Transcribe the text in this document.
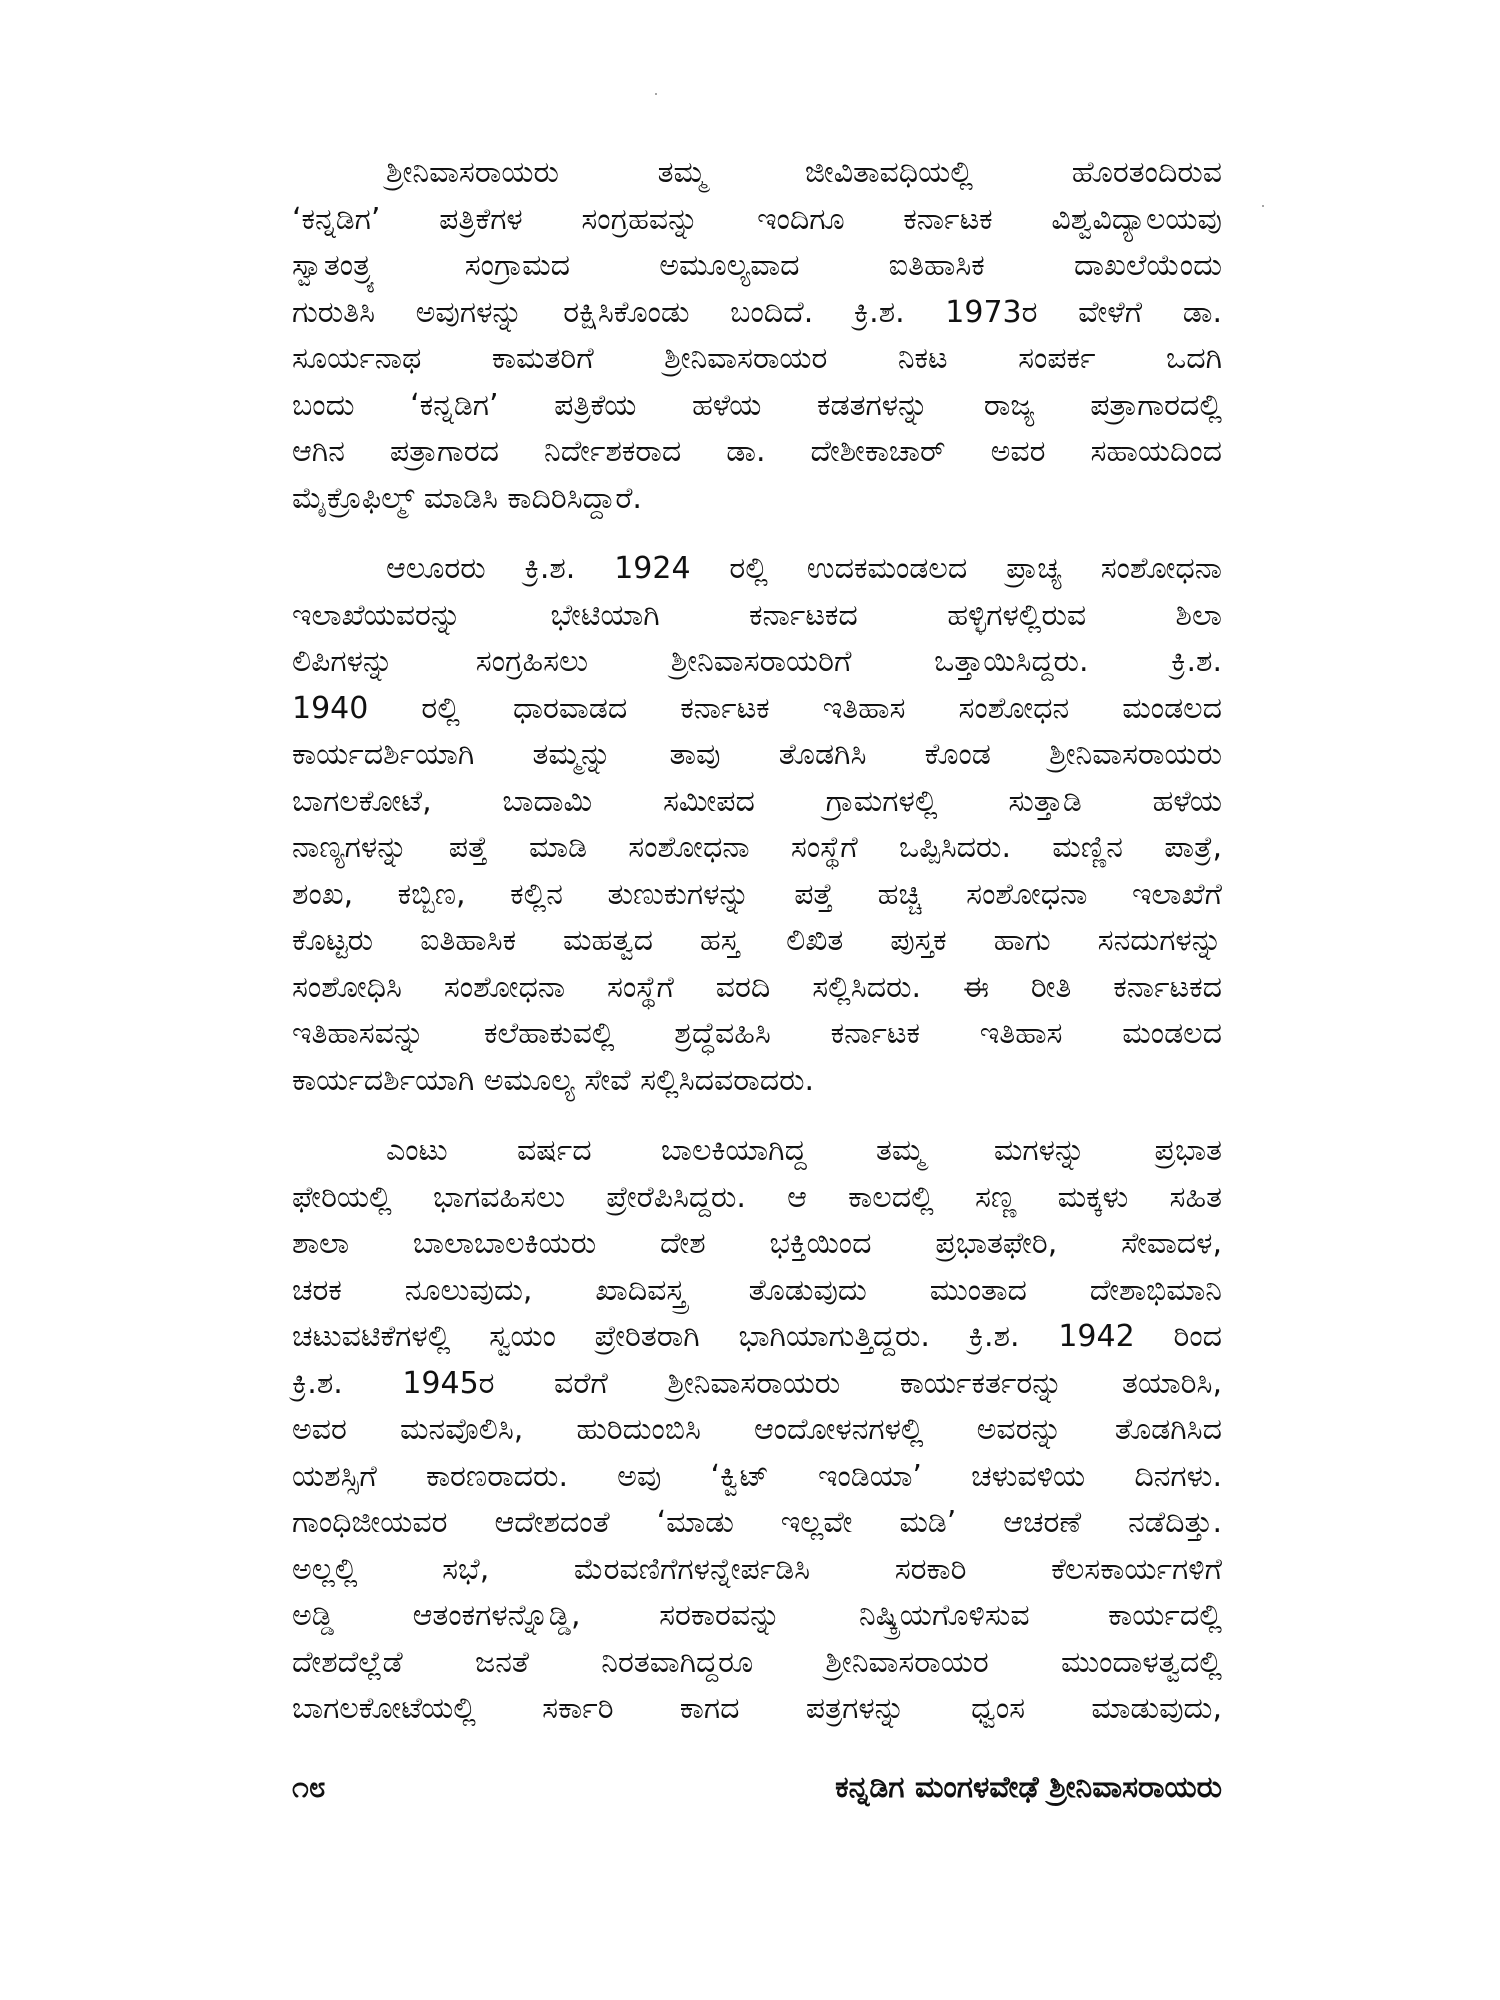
ಶ್ರೀನಿವಾಸರಾಯರು ತಮ್ಮ ಜೀವಿತಾವಧಿಯಲ್ಲಿ ಹೊರತಂದಿರುವ
‘ಕನ್ನಡಿಗ’ ಪತ್ರಿಕೆಗಳ ಸಂಗ್ರಹವನ್ನು ಇಂದಿಗೂ ಕರ್ನಾಟಕ ವಿಶ್ವವಿದ್ಯಾಲಯವು
ಸ್ವಾತಂತ್ರ್ಯ ಸಂಗ್ರಾಮದ ಅಮೂಲ್ಯವಾದ ಐತಿಹಾಸಿಕ ದಾಖಲೆಯೆಂದು
ಗುರುತಿಸಿ ಅವುಗಳನ್ನು ರಕ್ಷಿಸಿಕೊಂಡು ಬಂದಿದೆ. ಕ್ರಿ.ಶ. 1973ರ ವೇಳೆಗೆ ಡಾ.
ಸೂರ್ಯನಾಥ ಕಾಮತರಿಗೆ ಶ್ರೀನಿವಾಸರಾಯರ ನಿಕಟ ಸಂಪರ್ಕ ಒದಗಿ
ಬಂದು ‘ಕನ್ನಡಿಗ’ ಪತ್ರಿಕೆಯ ಹಳೆಯ ಕಡತಗಳನ್ನು ರಾಜ್ಯ ಪತ್ರಾಗಾರದಲ್ಲಿ
ಆಗಿನ ಪತ್ರಾಗಾರದ ನಿರ್ದೇಶಕರಾದ ಡಾ. ದೇಶೀಕಾಚಾರ್ ಅವರ ಸಹಾಯದಿಂದ
ಮೈಕ್ರೊಫಿಲ್ಮ್ ಮಾಡಿಸಿ ಕಾದಿರಿಸಿದ್ದಾರೆ.
ಆಲೂರರು ಕ್ರಿ.ಶ. 1924 ರಲ್ಲಿ ಉದಕಮಂಡಲದ ಪ್ರಾಚ್ಯ ಸಂಶೋಧನಾ
ಇಲಾಖೆಯವರನ್ನು ಭೇಟಿಯಾಗಿ ಕರ್ನಾಟಕದ ಹಳ್ಳಿಗಳಲ್ಲಿರುವ ಶಿಲಾ
ಲಿಪಿಗಳನ್ನು ಸಂಗ್ರಹಿಸಲು ಶ್ರೀನಿವಾಸರಾಯರಿಗೆ ಒತ್ತಾಯಿಸಿದ್ದರು. ಕ್ರಿ.ಶ.
1940 ರಲ್ಲಿ ಧಾರವಾಡದ ಕರ್ನಾಟಕ ಇತಿಹಾಸ ಸಂಶೋಧನ ಮಂಡಲದ
ಕಾರ್ಯದರ್ಶಿಯಾಗಿ ತಮ್ಮನ್ನು ತಾವು ತೊಡಗಿಸಿ ಕೊಂಡ ಶ್ರೀನಿವಾಸರಾಯರು
ಬಾಗಲಕೋಟೆ, ಬಾದಾಮಿ ಸಮೀಪದ ಗ್ರಾಮಗಳಲ್ಲಿ ಸುತ್ತಾಡಿ ಹಳೆಯ
ನಾಣ್ಯಗಳನ್ನು ಪತ್ತೆ ಮಾಡಿ ಸಂಶೋಧನಾ ಸಂಸ್ಥೆಗೆ ಒಪ್ಪಿಸಿದರು. ಮಣ್ಣಿನ ಪಾತ್ರೆ,
ಶಂಖ, ಕಬ್ಬಿಣ, ಕಲ್ಲಿನ ತುಣುಕುಗಳನ್ನು ಪತ್ತೆ ಹಚ್ಚಿ ಸಂಶೋಧನಾ ಇಲಾಖೆಗೆ
ಕೊಟ್ಟರು ಐತಿಹಾಸಿಕ ಮಹತ್ವದ ಹಸ್ತ ಲಿಖಿತ ಪುಸ್ತಕ ಹಾಗು ಸನದುಗಳನ್ನು
ಸಂಶೋಧಿಸಿ ಸಂಶೋಧನಾ ಸಂಸ್ಥೆಗೆ ವರದಿ ಸಲ್ಲಿಸಿದರು. ಈ ರೀತಿ ಕರ್ನಾಟಕದ
ಇತಿಹಾಸವನ್ನು ಕಲೆಹಾಕುವಲ್ಲಿ ಶ್ರದ್ಧೆವಹಿಸಿ ಕರ್ನಾಟಕ ಇತಿಹಾಸ ಮಂಡಲದ
ಕಾರ್ಯದರ್ಶಿಯಾಗಿ ಅಮೂಲ್ಯ ಸೇವೆ ಸಲ್ಲಿಸಿದವರಾದರು.
ಎಂಟು ವರ್ಷದ ಬಾಲಕಿಯಾಗಿದ್ದ ತಮ್ಮ ಮಗಳನ್ನು ಪ್ರಭಾತ
ಫೇರಿಯಲ್ಲಿ ಭಾಗವಹಿಸಲು ಪ್ರೇರೆಪಿಸಿದ್ದರು. ಆ ಕಾಲದಲ್ಲಿ ಸಣ್ಣ ಮಕ್ಕಳು ಸಹಿತ
ಶಾಲಾ ಬಾಲಾಬಾಲಕಿಯರು ದೇಶ ಭಕ್ತಿಯಿಂದ ಪ್ರಭಾತಫೇರಿ, ಸೇವಾದಳ,
ಚರಕ ನೂಲುವುದು, ಖಾದಿವಸ್ತ್ರ ತೊಡುವುದು ಮುಂತಾದ ದೇಶಾಭಿಮಾನಿ
ಚಟುವಟಿಕೆಗಳಲ್ಲಿ ಸ್ವಯಂ ಪ್ರೇರಿತರಾಗಿ ಭಾಗಿಯಾಗುತ್ತಿದ್ದರು. ಕ್ರಿ.ಶ. 1942 ರಿಂದ
ಕ್ರಿ.ಶ. 1945ರ ವರೆಗೆ ಶ್ರೀನಿವಾಸರಾಯರು ಕಾರ್ಯಕರ್ತರನ್ನು ತಯಾರಿಸಿ,
ಅವರ ಮನವೊಲಿಸಿ, ಹುರಿದುಂಬಿಸಿ ಆಂದೋಳನಗಳಲ್ಲಿ ಅವರನ್ನು ತೊಡಗಿಸಿದ
ಯಶಸ್ಸಿಗೆ ಕಾರಣರಾದರು. ಅವು ‘ಕ್ವಿಟ್ ಇಂಡಿಯಾ’ ಚಳುವಳಿಯ ದಿನಗಳು.
ಗಾಂಧಿಜೀಯವರ ಆದೇಶದಂತೆ ‘ಮಾಡು ಇಲ್ಲವೇ ಮಡಿ’ ಆಚರಣೆ ನಡೆದಿತ್ತು.
ಅಲ್ಲಲ್ಲಿ ಸಭೆ, ಮೆರವಣಿಗೆಗಳನ್ನೇರ್ಪಡಿಸಿ ಸರಕಾರಿ ಕೆಲಸಕಾರ್ಯಗಳಿಗೆ
ಅಡ್ಡಿ ಆತಂಕಗಳನ್ನೊಡ್ಡಿ, ಸರಕಾರವನ್ನು ನಿಷ್ಕ್ರಿಯಗೊಳಿಸುವ ಕಾರ್ಯದಲ್ಲಿ
ದೇಶದೆಲ್ಲೆಡೆ ಜನತೆ ನಿರತವಾಗಿದ್ದರೂ ಶ್ರೀನಿವಾಸರಾಯರ ಮುಂದಾಳತ್ವದಲ್ಲಿ
ಬಾಗಲಕೋಟೆಯಲ್ಲಿ ಸರ್ಕಾರಿ ಕಾಗದ ಪತ್ರಗಳನ್ನು ಧ್ವಂಸ ಮಾಡುವುದು,
೧೮	ಕನ್ನಡಿಗ ಮಂಗಳವೇಢೆ ಶ್ರೀನಿವಾಸರಾಯರು
